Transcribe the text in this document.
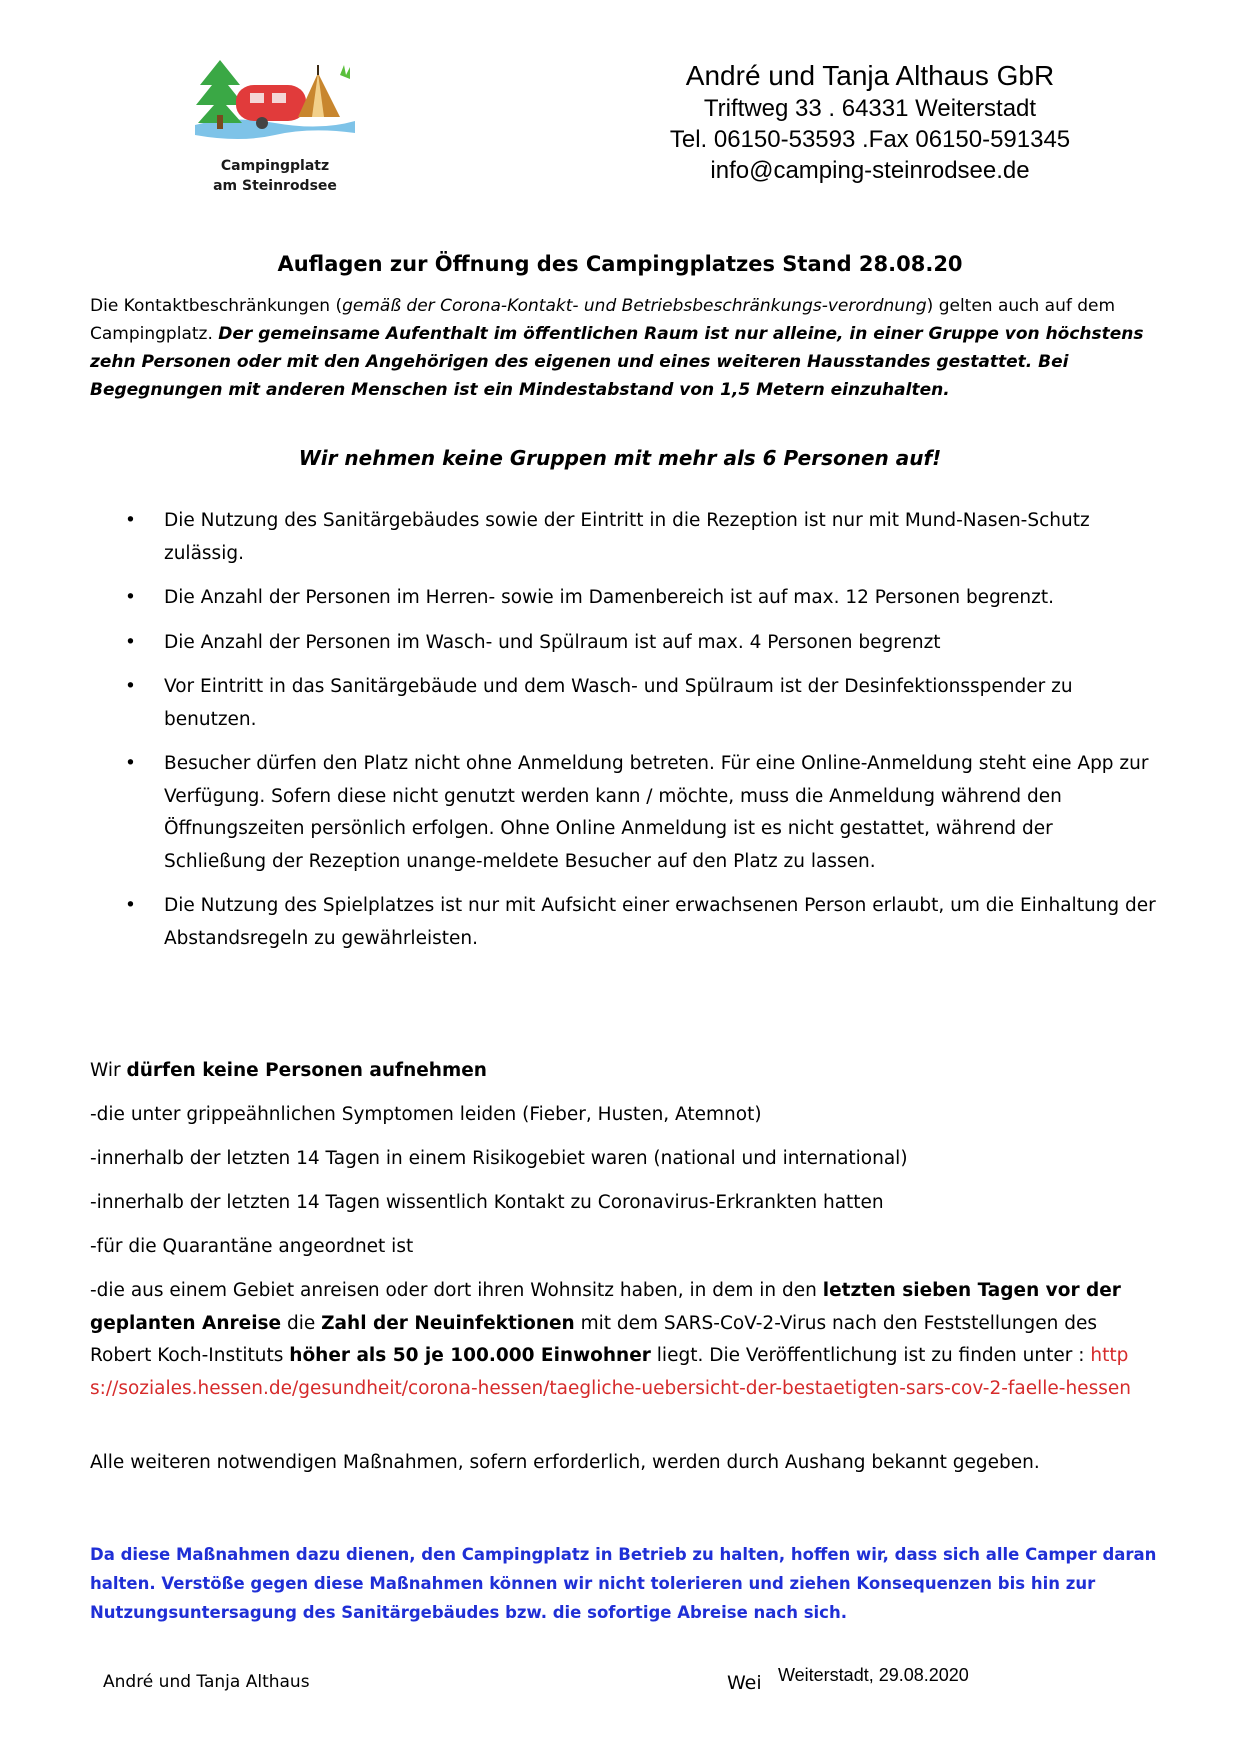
Campingplatz
am Steinrodsee
André und Tanja Althaus GbR
Triftweg 33 . 64331 Weiterstadt
Tel. 06150-53593 .Fax 06150-591345
info@camping-steinrodsee.de
Auflagen zur Öffnung des Campingplatzes Stand 28.08.20
Die Kontaktbeschränkungen (gemäß der Corona-Kontakt- und Betriebsbeschränkungs-verordnung) gelten auch auf dem Campingplatz. Der gemeinsame Aufenthalt im öffentlichen Raum ist nur alleine, in einer Gruppe von höchstens zehn Personen oder mit den Angehörigen des eigenen und eines weiteren Hausstandes gestattet. Bei Begegnungen mit anderen Menschen ist ein Mindestabstand von 1,5 Metern einzuhalten.
Wir nehmen keine Gruppen mit mehr als 6 Personen auf!
• Die Nutzung des Sanitärgebäudes sowie der Eintritt in die Rezeption ist nur mit Mund-Nasen-Schutz zulässig.
• Die Anzahl der Personen im Herren- sowie im Damenbereich ist auf max. 12 Personen begrenzt.
• Die Anzahl der Personen im Wasch- und Spülraum ist auf max. 4 Personen begrenzt
• Vor Eintritt in das Sanitärgebäude und dem Wasch- und Spülraum ist der Desinfektionsspender zu benutzen.
• Besucher dürfen den Platz nicht ohne Anmeldung betreten. Für eine Online-Anmeldung steht eine App zur Verfügung. Sofern diese nicht genutzt werden kann / möchte, muss die Anmeldung während den Öffnungszeiten persönlich erfolgen. Ohne Online Anmeldung ist es nicht gestattet, während der Schließung der Rezeption unange-meldete Besucher auf den Platz zu lassen.
• Die Nutzung des Spielplatzes ist nur mit Aufsicht einer erwachsenen Person erlaubt, um die Einhaltung der Abstandsregeln zu gewährleisten.
Wir dürfen keine Personen aufnehmen
-die unter grippeähnlichen Symptomen leiden (Fieber, Husten, Atemnot)
-innerhalb der letzten 14 Tagen in einem Risikogebiet waren (national und international)
-innerhalb der letzten 14 Tagen wissentlich Kontakt zu Coronavirus-Erkrankten hatten
-für die Quarantäne angeordnet ist
-die aus einem Gebiet anreisen oder dort ihren Wohnsitz haben, in dem in den letzten sieben Tagen vor der geplanten Anreise die Zahl der Neuinfektionen mit dem SARS-CoV-2-Virus nach den Feststellungen des Robert Koch-Instituts höher als 50 je 100.000 Einwohner liegt. Die Veröffentlichung ist zu finden unter : https://soziales.hessen.de/gesundheit/corona-hessen/taegliche-uebersicht-der-bestaetigten-sars-cov-2-faelle-hessen
Alle weiteren notwendigen Maßnahmen, sofern erforderlich, werden durch Aushang bekannt gegeben.
Da diese Maßnahmen dazu dienen, den Campingplatz in Betrieb zu halten, hoffen wir, dass sich alle Camper daran halten. Verstöße gegen diese Maßnahmen können wir nicht tolerieren und ziehen Konsequenzen bis hin zur Nutzungsuntersagung des Sanitärgebäudes bzw. die sofortige Abreise nach sich.
André und Tanja Althaus	Wei Weiterstadt, 29.08.2020
